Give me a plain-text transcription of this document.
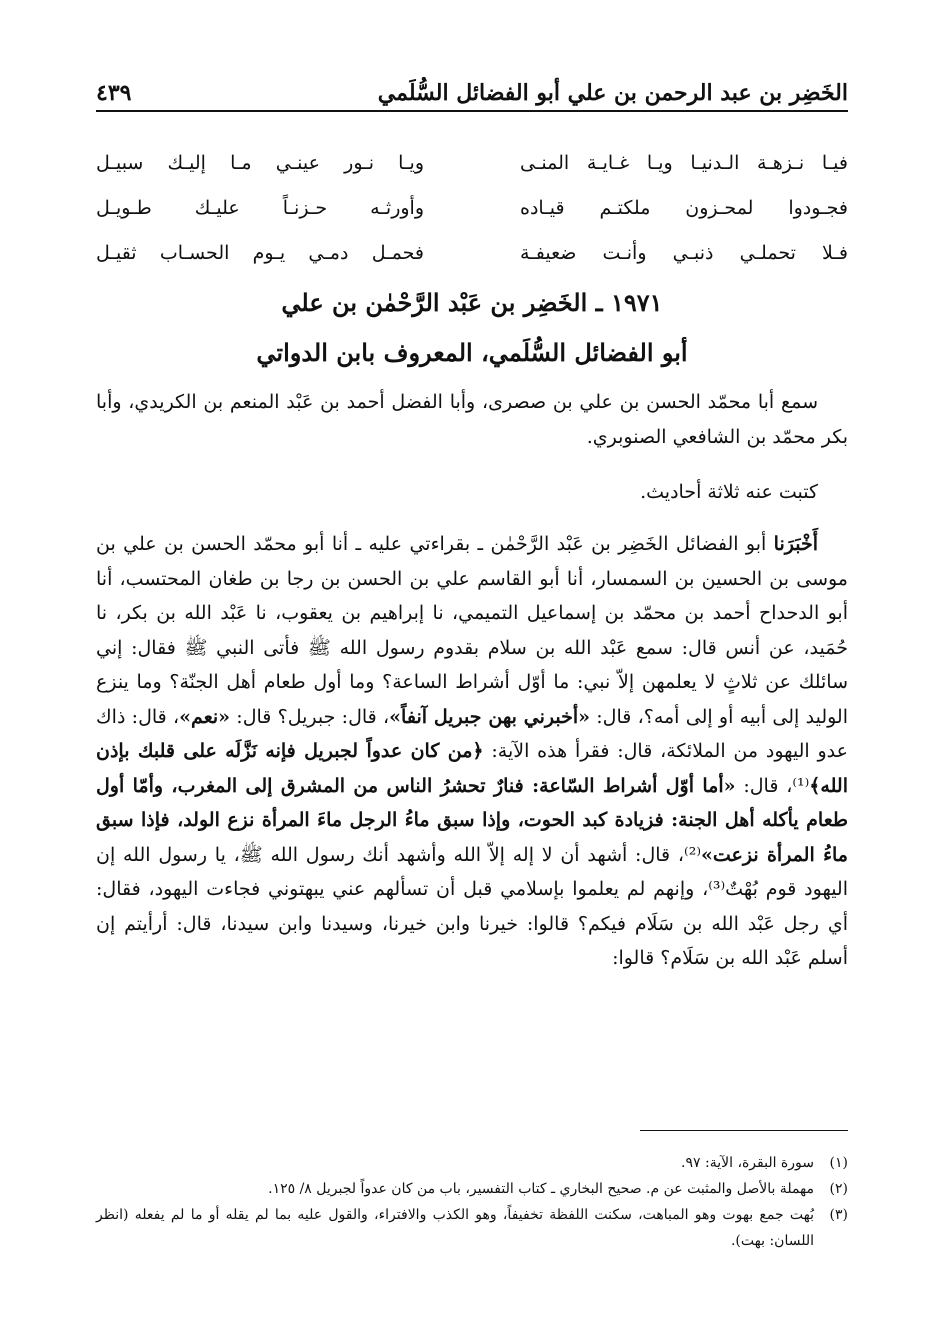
٤٣٩	الخَضِر بن عبد الرحمن بن علي أبو الفضائل السُّلَمي
فيـا نـزهـة الـدنيـا ويـا غـايـة المنـى
ويـا نـور عينـي مـا إليـك سبيـل
فجـودوا لمحـزون ملكتـم قيـاده
وأورثـه حـزنـاً عليـك طـويـل
فـلا تحملـي ذنبـي وأنـت ضعيفـة
فحمـل دمـي يـوم الحسـاب ثقيـل
١٩٧١ ـ الخَضِر بن عَبْد الرَّحْمٰن بن علي
أبو الفضائل السُّلَمي، المعروف بابن الدواتي

سمع أبا محمّد الحسن بن علي بن صصرى، وأبا الفضل أحمد بن عَبْد المنعم بن الكريدي، وأبا بكر محمّد بن الشافعي الصنوبري.

كتبت عنه ثلاثة أحاديث.

أَخْبَرَنا أبو الفضائل الخَضِر بن عَبْد الرَّحْمٰن ـ بقراءتي عليه ـ أنا أبو محمّد الحسن بن علي بن موسى بن الحسين بن السمسار، أنا أبو القاسم علي بن الحسن بن رجا بن طغان المحتسب، أنا أبو الدحداح أحمد بن محمّد بن إسماعيل التميمي، نا إبراهيم بن يعقوب، نا عَبْد الله بن بكر، نا حُمَيد، عن أنس قال: سمع عَبْد الله بن سلام بقدوم رسول الله ﷺ فأتى النبي ﷺ فقال: إني سائلك عن ثلاثٍ لا يعلمهن إلاّ نبي: ما أوّل أشراط الساعة؟ وما أول طعام أهل الجنّة؟ وما ينزع الوليد إلى أبيه أو إلى أمه؟، قال: «أخبرني بهن جبريل آنفاً»، قال: جبريل؟ قال: «نعم»، قال: ذاك عدو اليهود من الملائكة، قال: فقرأ هذه الآية: ﴿من كان عدواً لجبريل فإنه نَزَّلَه على قلبك بإذن الله﴾⁽¹⁾، قال: «أما أوّل أشراط السّاعة: فنارٌ تحشرُ الناس من المشرق إلى المغرب، وأمّا أول طعام يأكله أهل الجنة: فزيادة كبد الحوت، وإذا سبق ماءُ الرجل ماءَ المرأة نزع الولد، فإذا سبق ماءُ المرأة نزعت»⁽²⁾، قال: أشهد أن لا إله إلاّ الله وأشهد أنك رسول الله ﷺ، يا رسول الله إن اليهود قوم بُهْتٌ⁽³⁾، وإنهم لم يعلموا بإسلامي قبل أن تسألهم عني يبهتوني فجاءت اليهود، فقال: أي رجل عَبْد الله بن سَلَام فيكم؟ قالوا: خيرنا وابن خيرنا، وسيدنا وابن سيدنا، قال: أرأيتم إن أسلم عَبْد الله بن سَلَام؟ قالوا:

(١)
سورة البقرة، الآية: ٩٧.
(٢)
مهملة بالأصل والمثبت عن م. صحيح البخاري ـ كتاب التفسير، باب من كان عدواً لجبريل ٨/ ١٢٥.
(٣)
بُهت جمع بهوت وهو المباهت، سكنت اللفظة تخفيفاً، وهو الكذب والافتراء، والقول عليه بما لم يقله أو ما لم يفعله (انظر اللسان: بهت).
